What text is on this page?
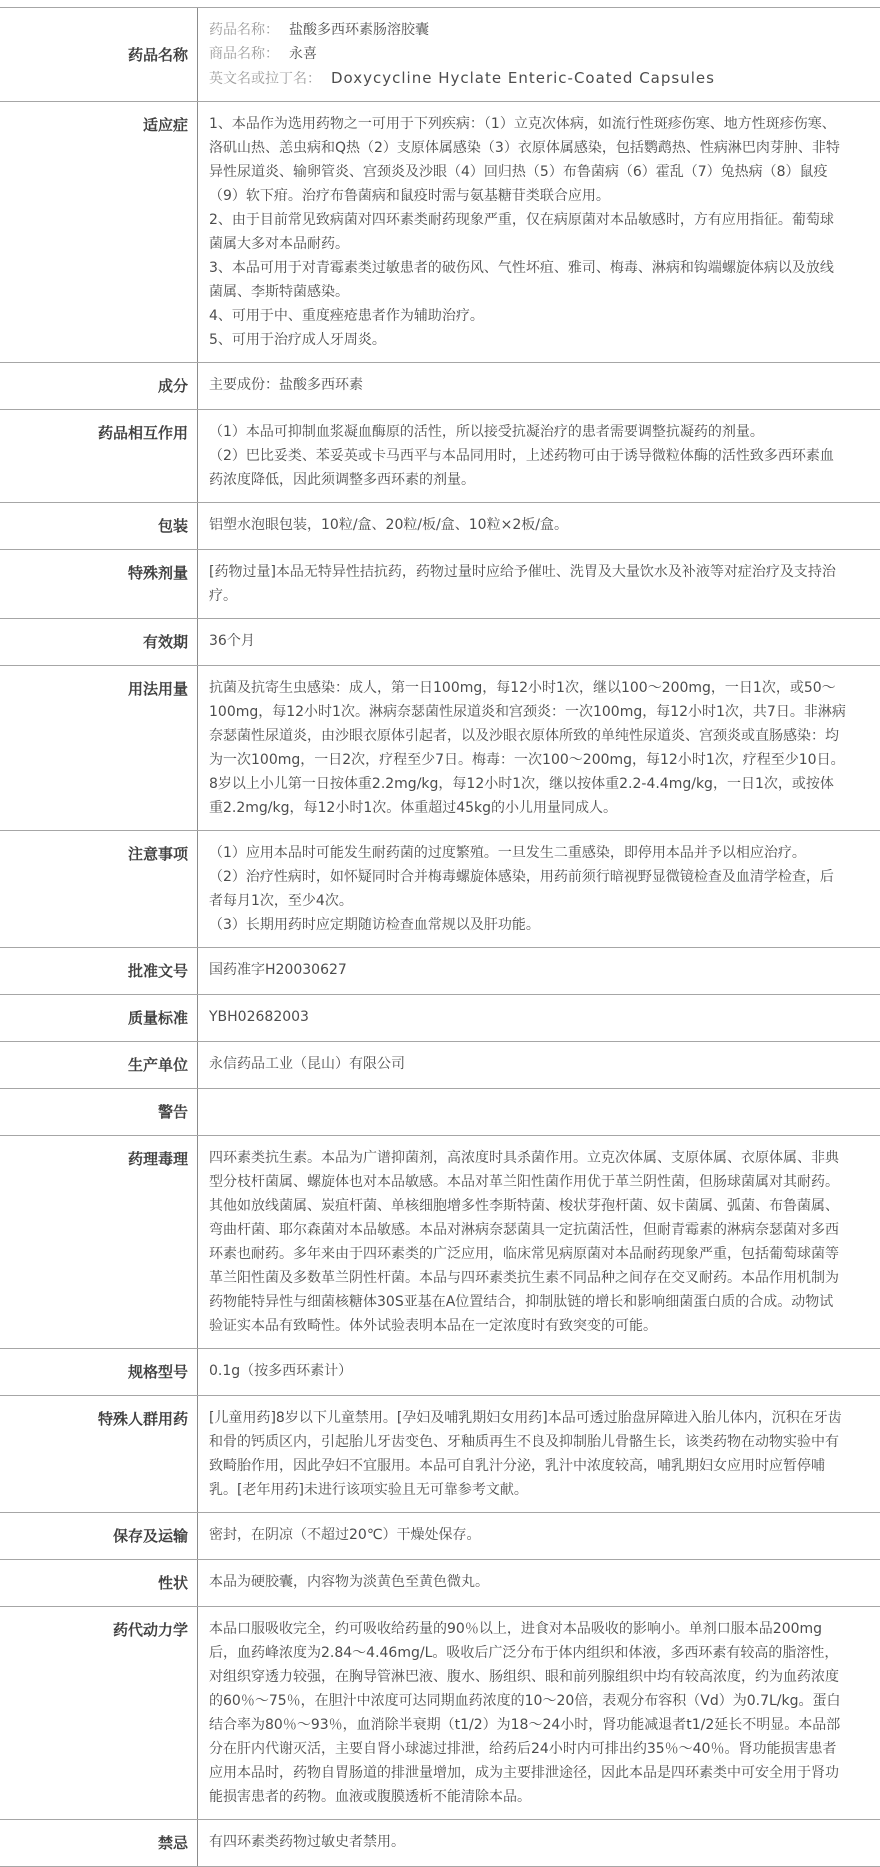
药品名称
药品名称： 盐酸多西环素肠溶胶囊
商品名称： 永喜
英文名或拉丁名： Doxycycline Hyclate Enteric-Coated Capsules
适应症	1、本品作为选用药物之一可用于下列疾病：（1）立克次体病，如流行性斑疹伤寒、地方性斑疹伤寒、洛矶山热、恙虫病和Q热（2）支原体属感染（3）衣原体属感染，包括鹦鹉热、性病淋巴肉芽肿、非特异性尿道炎、输卵管炎、宫颈炎及沙眼（4）回归热（5）布鲁菌病（6）霍乱（7）兔热病（8）鼠疫（9）软下疳。治疗布鲁菌病和鼠疫时需与氨基糖苷类联合应用。
2、由于目前常见致病菌对四环素类耐药现象严重，仅在病原菌对本品敏感时，方有应用指征。葡萄球菌属大多对本品耐药。
3、本品可用于对青霉素类过敏患者的破伤风、气性坏疽、雅司、梅毒、淋病和钩端螺旋体病以及放线菌属、李斯特菌感染。
4、可用于中、重度痤疮患者作为辅助治疗。
5、可用于治疗成人牙周炎。
成分	主要成份：盐酸多西环素
药品相互作用	（1）本品可抑制血浆凝血酶原的活性，所以接受抗凝治疗的患者需要调整抗凝药的剂量。
（2）巴比妥类、苯妥英或卡马西平与本品同用时，上述药物可由于诱导微粒体酶的活性致多西环素血药浓度降低，因此须调整多西环素的剂量。
包装	铝塑水泡眼包装，10粒/盒、20粒/板/盒、10粒×2板/盒。
特殊剂量	[药物过量]本品无特异性拮抗药，药物过量时应给予催吐、洗胃及大量饮水及补液等对症治疗及支持治疗。
有效期	36个月
用法用量	抗菌及抗寄生虫感染：成人，第一日100mg，每12小时1次，继以100～200mg，一日1次，或50～100mg，每12小时1次。淋病奈瑟菌性尿道炎和宫颈炎：一次100mg，每12小时1次，共7日。非淋病奈瑟菌性尿道炎，由沙眼衣原体引起者，以及沙眼衣原体所致的单纯性尿道炎、宫颈炎或直肠感染：均为一次100mg，一日2次，疗程至少7日。梅毒：一次100～200mg，每12小时1次，疗程至少10日。
8岁以上小儿第一日按体重2.2mg/kg，每12小时1次，继以按体重2.2-4.4mg/kg，一日1次，或按体重2.2mg/kg，每12小时1次。体重超过45kg的小儿用量同成人。
注意事项	（1）应用本品时可能发生耐药菌的过度繁殖。一旦发生二重感染，即停用本品并予以相应治疗。
（2）治疗性病时，如怀疑同时合并梅毒螺旋体感染，用药前须行暗视野显微镜检查及血清学检查，后者每月1次，至少4次。
（3）长期用药时应定期随访检查血常规以及肝功能。
批准文号	国药准字H20030627
质量标准	YBH02682003
生产单位	永信药品工业（昆山）有限公司
警告
药理毒理	四环素类抗生素。本品为广谱抑菌剂，高浓度时具杀菌作用。立克次体属、支原体属、衣原体属、非典型分枝杆菌属、螺旋体也对本品敏感。本品对革兰阳性菌作用优于革兰阴性菌，但肠球菌属对其耐药。其他如放线菌属、炭疽杆菌、单核细胞增多性李斯特菌、梭状芽孢杆菌、奴卡菌属、弧菌、布鲁菌属、弯曲杆菌、耶尔森菌对本品敏感。本品对淋病奈瑟菌具一定抗菌活性，但耐青霉素的淋病奈瑟菌对多西环素也耐药。多年来由于四环素类的广泛应用，临床常见病原菌对本品耐药现象严重，包括葡萄球菌等革兰阳性菌及多数革兰阴性杆菌。本品与四环素类抗生素不同品种之间存在交叉耐药。本品作用机制为药物能特异性与细菌核糖体30S亚基在A位置结合，抑制肽链的增长和影响细菌蛋白质的合成。动物试验证实本品有致畸性。体外试验表明本品在一定浓度时有致突变的可能。
规格型号	0.1g（按多西环素计）
特殊人群用药	[儿童用药]8岁以下儿童禁用。[孕妇及哺乳期妇女用药]本品可透过胎盘屏障进入胎儿体内，沉积在牙齿和骨的钙质区内，引起胎儿牙齿变色、牙釉质再生不良及抑制胎儿骨骼生长，该类药物在动物实验中有致畸胎作用，因此孕妇不宜服用。本品可自乳汁分泌，乳汁中浓度较高，哺乳期妇女应用时应暂停哺乳。[老年用药]未进行该项实验且无可靠参考文献。
保存及运输	密封，在阴凉（不超过20℃）干燥处保存。
性状	本品为硬胶囊，内容物为淡黄色至黄色微丸。
药代动力学	本品口服吸收完全，约可吸收给药量的90％以上，进食对本品吸收的影响小。单剂口服本品200mg后，血药峰浓度为2.84～4.46mg/L。吸收后广泛分布于体内组织和体液，多西环素有较高的脂溶性，对组织穿透力较强，在胸导管淋巴液、腹水、肠组织、眼和前列腺组织中均有较高浓度，约为血药浓度的60％～75％，在胆汁中浓度可达同期血药浓度的10～20倍，表观分布容积（Vd）为0.7L/kg。蛋白结合率为80％～93％，血消除半衰期（t1/2）为18～24小时，肾功能减退者t1/2延长不明显。本品部分在肝内代谢灭活，主要自肾小球滤过排泄，给药后24小时内可排出约35％～40％。肾功能损害患者应用本品时，药物自胃肠道的排泄量增加，成为主要排泄途径，因此本品是四环素类中可安全用于肾功能损害患者的药物。血液或腹膜透析不能清除本品。
禁忌	有四环素类药物过敏史者禁用。
